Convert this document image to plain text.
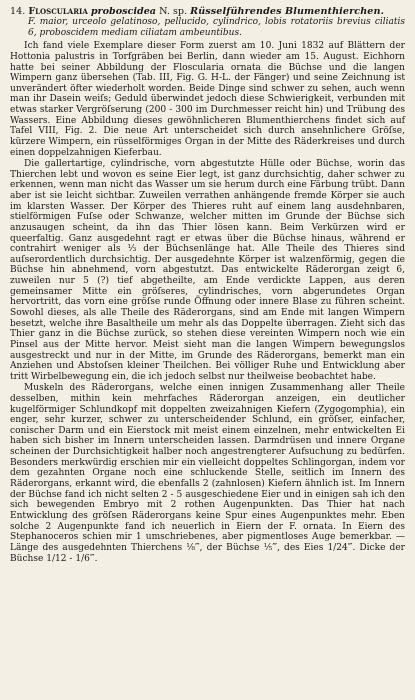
14. Floscularia proboscidea N. sp. Rüsselführendes Blumenthierchen.

F. maior, urceolo gelatinoso, pellucido, cylindrico, lobis rotatoriis brevius ciliatis 6, proboscidem mediam ciliatam ambeuntibus.

Ich fand viele Exemplare dieser Form zuerst am 10. Juni 1832 auf Blättern der Hottonia palustris in Torfgräben bei Berlin, dann wieder am 15. August. Eichhorn hatte bei seiner Abbildung der Floscularia ornata die Büchse und die langen Wimpern ganz übersehen (Tab. III, Fig. G. H-L. der Fänger) und seine Zeichnung ist unverändert öfter wiederholt worden. Beide Dinge sind schwer zu sehen, auch wenn man ihr Dasein weiſs; Geduld überwindet jedoch diese Schwierigkeit, verbunden mit etwas starker Vergröſserung (200 - 300 im Durchmesser reicht hin) und Trübung des Wassers. Eine Abbildung dieses gewöhnlicheren Blumenthierchens findet sich auf Tafel VIII, Fig. 2. Die neue Art unterscheidet sich durch ansehnlichere Gröſse, kürzere Wimpern, ein rüsselförmiges Organ in der Mitte des Räderkreises und durch einen doppelzahnigen Kieferbau.

Die gallertartige, cylindrische, vorn abgestutzte Hülle oder Büchse, worin das Thierchen lebt und wovon es seine Eier legt, ist ganz durchsichtig, daher schwer zu erkennen, wenn man nicht das Wasser um sie herum durch eine Färbung trübt. Dann aber ist sie leicht sichtbar. Zuweilen verrathen anhängende fremde Körper sie auch im klarsten Wasser. Der Körper des Thieres ruht auf einem lang ausdehnbaren, stielförmigen Fuſse oder Schwanze, welcher mitten im Grunde der Büchse sich anzusaugen scheint, da ihn das Thier lösen kann. Beim Verkürzen wird er queerfaltig. Ganz ausgedehnt ragt er etwas über die Büchse hinaus, während er contrahirt weniger als ⅓ der Büchsenlänge hat. Alle Theile des Thieres sind auſserordentlich durchsichtig. Der ausgedehnte Körper ist walzenförmig, gegen die Büchse hin abnehmend, vorn abgestutzt. Das entwickelte Räderorgan zeigt 6, zuweilen nur 5 (?) tief abgetheilte, am Ende verdickte Lappen, aus deren gemeinsamer Mitte ein gröſseres, cylindrisches, vorn abgerundetes Organ hervortritt, das vorn eine gröſse runde Öffnung oder innere Blase zu führen scheint. Sowohl dieses, als alle Theile des Räderorgans, sind am Ende mit langen Wimpern besetzt, welche ihre Basaltheile um mehr als das Doppelte überragen. Zieht sich das Thier ganz in die Büchse zurück, so stehen diese vereinten Wimpern noch wie ein Pinsel aus der Mitte hervor. Meist sieht man die langen Wimpern bewegungslos ausgestreckt und nur in der Mitte, im Grunde des Räderorgans, bemerkt man ein Anziehen und Abstoſsen kleiner Theilchen. Bei völliger Ruhe und Entwicklung aber tritt Wirbelbewegung ein, die ich jedoch selbst nur theilweise beobachtet habe.

Muskeln des Räderorgans, welche einen innigen Zusammenhang aller Theile desselben, mithin kein mehrfaches Räderorgan anzeigen, ein deutlicher kugelförmiger Schlundkopf mit doppelten zweizahnigen Kiefern (Zygogomphia), ein enger, sehr kurzer, schwer zu unterscheidender Schlund, ein gröſser, einfacher, conischer Darm und ein Eierstock mit meist einem einzelnen, mehr entwickelten Ei haben sich bisher im Innern unterscheiden lassen. Darmdrüsen und innere Organe scheinen der Durchsichtigkeit halber noch angestrengterer Aufsuchung zu bedürfen. Besonders merkwürdig erschien mir ein vielleicht doppeltes Schlingorgan, indem vor dem gezahnten Organe noch eine schluckende Stelle, seitlich im Innern des Räderorgans, erkannt wird, die ebenfalls 2 (zahnlosen) Kiefern ähnlich ist. Im Innern der Büchse fand ich nicht selten 2 - 5 ausgeschiedene Eier und in einigen sah ich den sich bewegenden Embryo mit 2 rothen Augenpunkten. Das Thier hat nach Entwicklung des gröſsen Räderorgans keine Spur eines Augenpunktes mehr. Eben solche 2 Augenpunkte fand ich neuerlich in Eiern der F. ornata. In Eiern des Stephanoceros schien mir 1 umschriebenes, aber pigmentloses Auge bemerkbar. — Länge des ausgedehnten Thierchens ⅛‴, der Büchse ⅕‴, des Eies 1/24‴. Dicke der Büchse 1/12 - 1/6‴.
